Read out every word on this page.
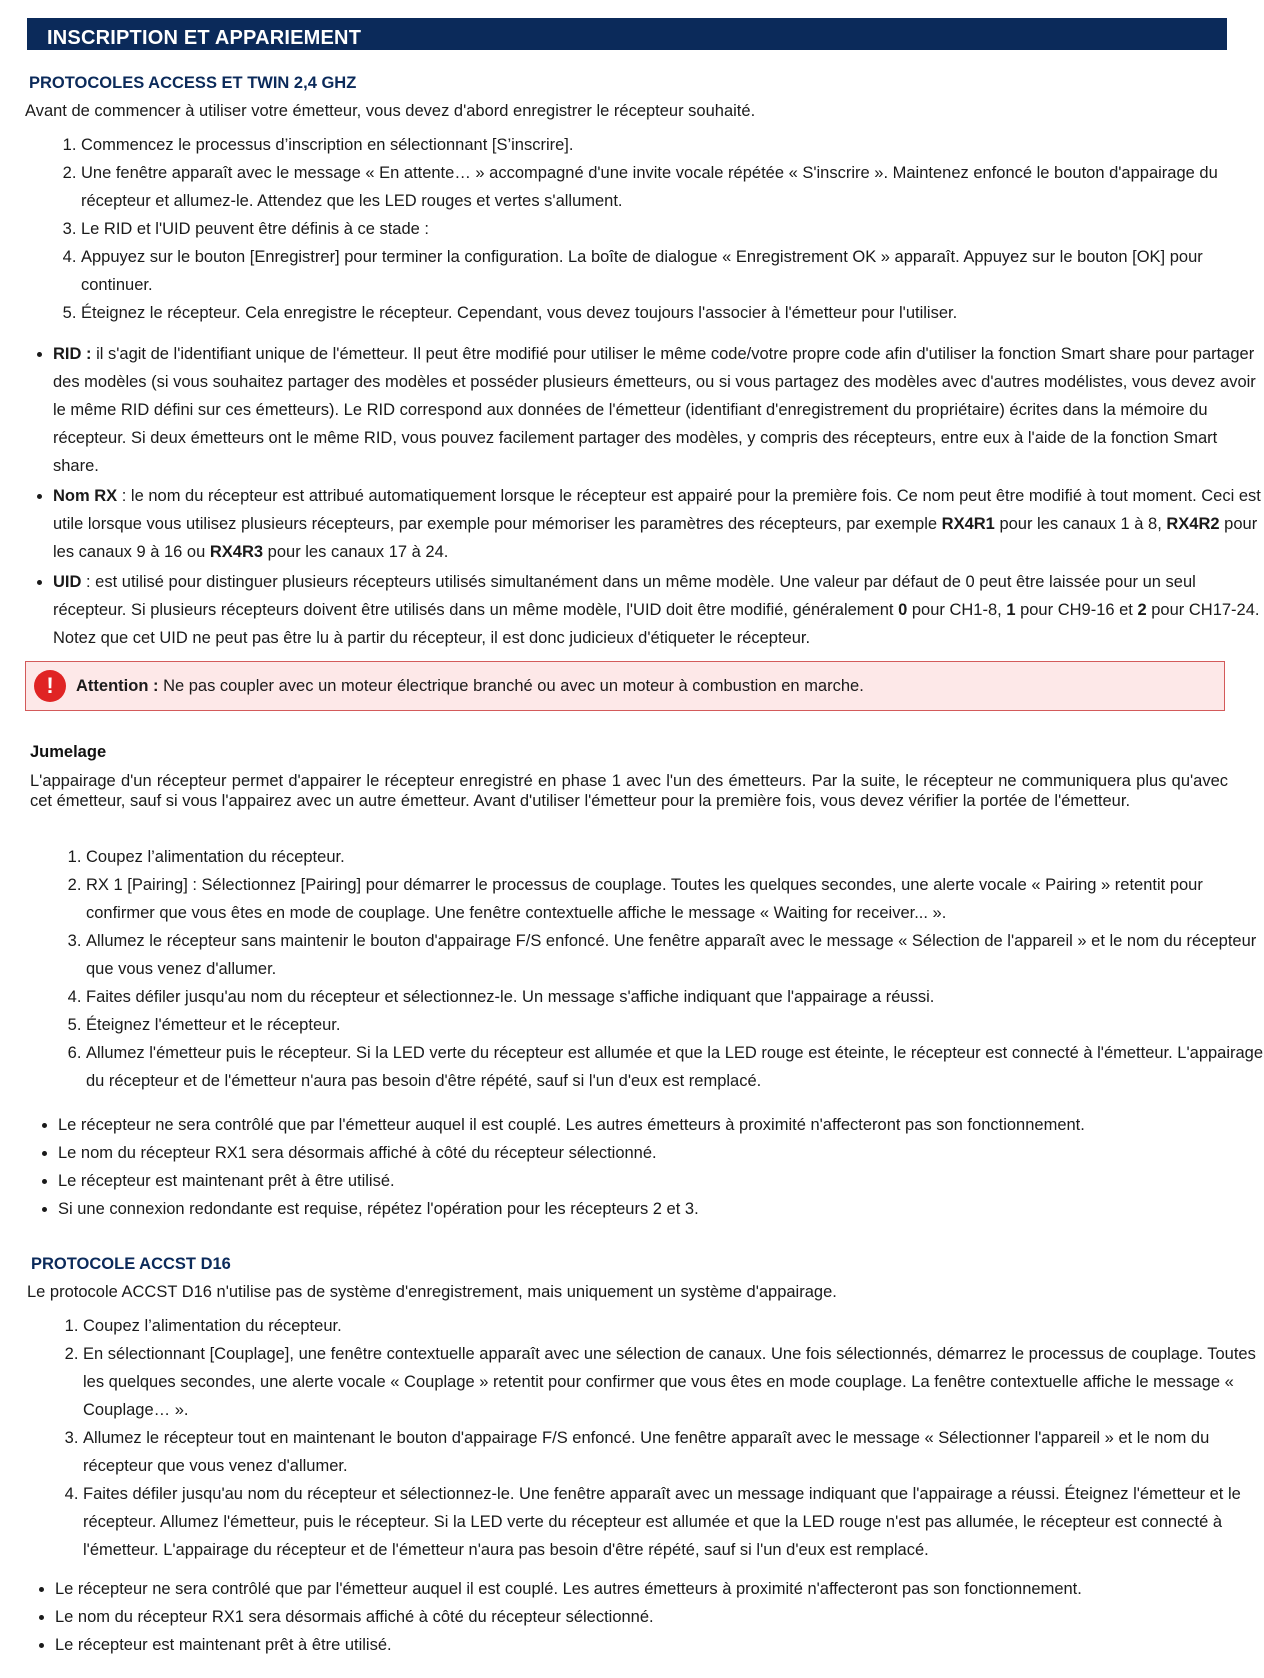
INSCRIPTION ET APPARIEMENT
PROTOCOLES ACCESS ET TWIN 2,4 GHZ
Avant de commencer à utiliser votre émetteur, vous devez d'abord enregistrer le récepteur souhaité.
1. Commencez le processus d’inscription en sélectionnant [S’inscrire].
2. Une fenêtre apparaît avec le message « En attente… » accompagné d'une invite vocale répétée « S'inscrire ». Maintenez enfoncé le bouton d'appairage du récepteur et allumez-le. Attendez que les LED rouges et vertes s'allument.
3. Le RID et l'UID peuvent être définis à ce stade :
4. Appuyez sur le bouton [Enregistrer] pour terminer la configuration. La boîte de dialogue « Enregistrement OK » apparaît. Appuyez sur le bouton [OK] pour continuer.
5. Éteignez le récepteur. Cela enregistre le récepteur. Cependant, vous devez toujours l'associer à l'émetteur pour l'utiliser.
• RID : il s'agit de l'identifiant unique de l'émetteur. Il peut être modifié pour utiliser le même code/votre propre code afin d'utiliser la fonction Smart share pour partager des modèles (si vous souhaitez partager des modèles et posséder plusieurs émetteurs, ou si vous partagez des modèles avec d'autres modélistes, vous devez avoir le même RID défini sur ces émetteurs). Le RID correspond aux données de l'émetteur (identifiant d'enregistrement du propriétaire) écrites dans la mémoire du récepteur. Si deux émetteurs ont le même RID, vous pouvez facilement partager des modèles, y compris des récepteurs, entre eux à l'aide de la fonction Smart share.
• Nom RX : le nom du récepteur est attribué automatiquement lorsque le récepteur est appairé pour la première fois. Ce nom peut être modifié à tout moment. Ceci est utile lorsque vous utilisez plusieurs récepteurs, par exemple pour mémoriser les paramètres des récepteurs, par exemple RX4R1 pour les canaux 1 à 8, RX4R2 pour les canaux 9 à 16 ou RX4R3 pour les canaux 17 à 24.
• UID : est utilisé pour distinguer plusieurs récepteurs utilisés simultanément dans un même modèle. Une valeur par défaut de 0 peut être laissée pour un seul récepteur. Si plusieurs récepteurs doivent être utilisés dans un même modèle, l'UID doit être modifié, généralement 0 pour CH1-8, 1 pour CH9-16 et 2 pour CH17-24. Notez que cet UID ne peut pas être lu à partir du récepteur, il est donc judicieux d'étiqueter le récepteur.
!	Attention : Ne pas coupler avec un moteur électrique branché ou avec un moteur à combustion en marche.
Jumelage
L'appairage d'un récepteur permet d'appairer le récepteur enregistré en phase 1 avec l'un des émetteurs. Par la suite, le récepteur ne communiquera plus qu'avec cet émetteur, sauf si vous l'appairez avec un autre émetteur. Avant d'utiliser l'émetteur pour la première fois, vous devez vérifier la portée de l'émetteur.
1. Coupez l’alimentation du récepteur.
2. RX 1 [Pairing] : Sélectionnez [Pairing] pour démarrer le processus de couplage. Toutes les quelques secondes, une alerte vocale « Pairing » retentit pour confirmer que vous êtes en mode de couplage. Une fenêtre contextuelle affiche le message « Waiting for receiver... ».
3. Allumez le récepteur sans maintenir le bouton d'appairage F/S enfoncé. Une fenêtre apparaît avec le message « Sélection de l'appareil » et le nom du récepteur que vous venez d'allumer.
4. Faites défiler jusqu'au nom du récepteur et sélectionnez-le. Un message s'affiche indiquant que l'appairage a réussi.
5. Éteignez l'émetteur et le récepteur.
6. Allumez l'émetteur puis le récepteur. Si la LED verte du récepteur est allumée et que la LED rouge est éteinte, le récepteur est connecté à l'émetteur. L'appairage du récepteur et de l'émetteur n'aura pas besoin d'être répété, sauf si l'un d'eux est remplacé.
• Le récepteur ne sera contrôlé que par l'émetteur auquel il est couplé. Les autres émetteurs à proximité n'affecteront pas son fonctionnement.
• Le nom du récepteur RX1 sera désormais affiché à côté du récepteur sélectionné.
• Le récepteur est maintenant prêt à être utilisé.
• Si une connexion redondante est requise, répétez l'opération pour les récepteurs 2 et 3.
PROTOCOLE ACCST D16
Le protocole ACCST D16 n'utilise pas de système d'enregistrement, mais uniquement un système d'appairage.
1. Coupez l’alimentation du récepteur.
2. En sélectionnant [Couplage], une fenêtre contextuelle apparaît avec une sélection de canaux. Une fois sélectionnés, démarrez le processus de couplage. Toutes les quelques secondes, une alerte vocale « Couplage » retentit pour confirmer que vous êtes en mode couplage. La fenêtre contextuelle affiche le message « Couplage… ».
3. Allumez le récepteur tout en maintenant le bouton d'appairage F/S enfoncé. Une fenêtre apparaît avec le message « Sélectionner l'appareil » et le nom du récepteur que vous venez d'allumer.
4. Faites défiler jusqu'au nom du récepteur et sélectionnez-le. Une fenêtre apparaît avec un message indiquant que l'appairage a réussi. Éteignez l'émetteur et le récepteur. Allumez l'émetteur, puis le récepteur. Si la LED verte du récepteur est allumée et que la LED rouge n'est pas allumée, le récepteur est connecté à l'émetteur. L'appairage du récepteur et de l'émetteur n'aura pas besoin d'être répété, sauf si l'un d'eux est remplacé.
• Le récepteur ne sera contrôlé que par l'émetteur auquel il est couplé. Les autres émetteurs à proximité n'affecteront pas son fonctionnement.
• Le nom du récepteur RX1 sera désormais affiché à côté du récepteur sélectionné.
• Le récepteur est maintenant prêt à être utilisé.
